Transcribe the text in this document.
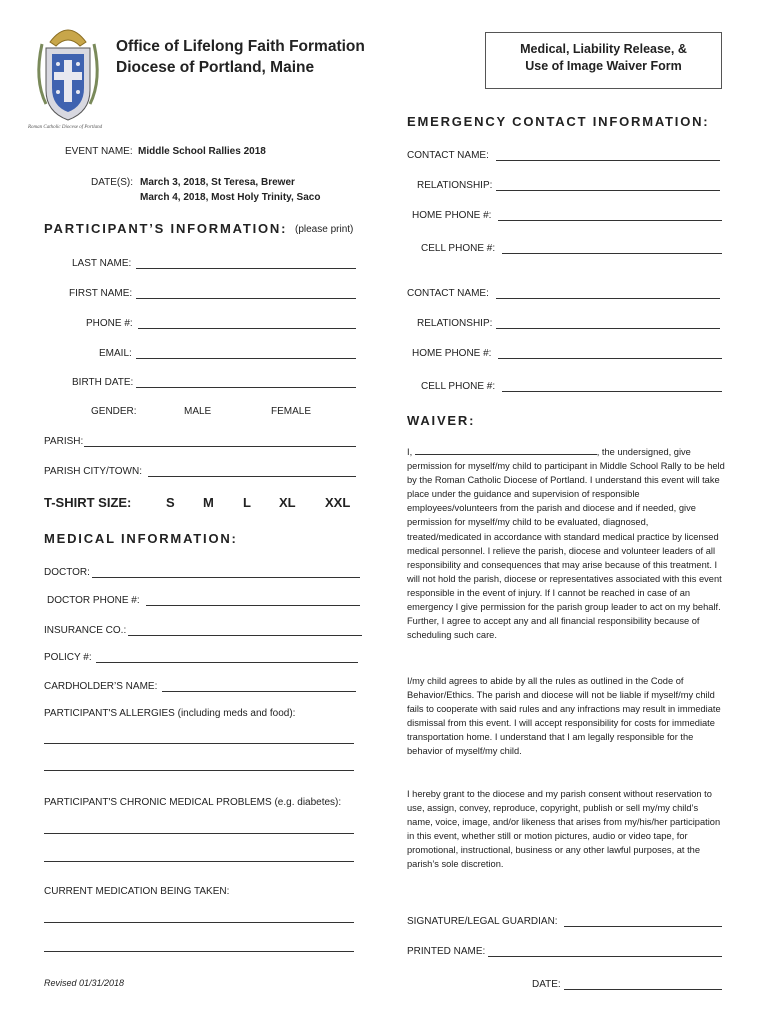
Roman Catholic Diocese of Portland
Office of Lifelong Faith Formation
Diocese of Portland, Maine
Medical, Liability Release, &
Use of Image Waiver Form
EVENT NAME: Middle School Rallies 2018
DATE(S): March 3, 2018, St Teresa, Brewer
March 4, 2018, Most Holy Trinity, Saco
PARTICIPANT’S INFORMATION: (please print)
LAST NAME:
FIRST NAME:
PHONE #:
EMAIL:
BIRTH DATE:
GENDER:	MALE	FEMALE
PARISH:
PARISH CITY/TOWN:
T-SHIRT SIZE:	S M L XL XXL
MEDICAL INFORMATION:
DOCTOR:
DOCTOR PHONE #:
INSURANCE CO.:
POLICY #:
CARDHOLDER’S NAME:
PARTICIPANT'S ALLERGIES (including meds and food):
PARTICIPANT'S CHRONIC MEDICAL PROBLEMS (e.g. diabetes):
CURRENT MEDICATION BEING TAKEN:
Revised 01/31/2018
EMERGENCY CONTACT INFORMATION:
CONTACT NAME:
RELATIONSHIP:
HOME PHONE #:
CELL PHONE #:
CONTACT NAME:
RELATIONSHIP:
HOME PHONE #:
CELL PHONE #:
WAIVER:
I,	, the undersigned, give permission for myself/my child to participant in Middle School Rally to be held by the Roman Catholic Diocese of Portland. I understand this event will take place under the guidance and supervision of responsible employees/volunteers from the parish and diocese and if needed, give permission for myself/my child to be evaluated, diagnosed, treated/medicated in accordance with standard medical practice by licensed medical personnel. I relieve the parish, diocese and volunteer leaders of all responsibility and consequences that may arise because of this treatment. I will not hold the parish, diocese or representatives associated with this event responsible in the event of injury. If I cannot be reached in case of an emergency I give permission for the parish group leader to act on my behalf. Further, I agree to accept any and all financial responsibility because of scheduling such care.
I/my child agrees to abide by all the rules as outlined in the Code of Behavior/Ethics. The parish and diocese will not be liable if myself/my child fails to cooperate with said rules and any infractions may result in immediate dismissal from this event. I will accept responsibility for costs for immediate transportation home. I understand that I am legally responsible for the behavior of myself/my child.
I hereby grant to the diocese and my parish consent without reservation to use, assign, convey, reproduce, copyright, publish or sell my/my child’s name, voice, image, and/or likeness that arises from my/his/her participation in this event, whether still or motion pictures, audio or video tape, for promotional, instructional, business or any other lawful purposes, at the parish’s sole discretion.
SIGNATURE/LEGAL GUARDIAN:
PRINTED NAME:
DATE:
